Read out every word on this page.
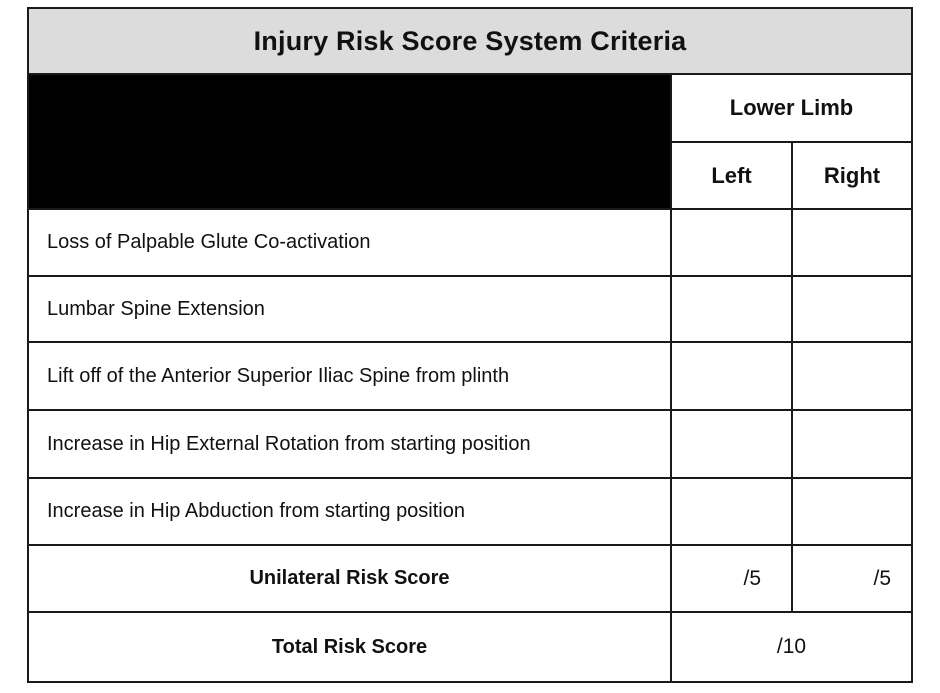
Injury Risk Score System Criteria
Lower Limb
Left	Right
Loss of Palpable Glute Co-activation
Lumbar Spine Extension
Lift off of the Anterior Superior Iliac Spine from plinth
Increase in Hip External Rotation from starting position
Increase in Hip Abduction from starting position
Unilateral Risk Score	/5	/5
Total Risk Score	/10
